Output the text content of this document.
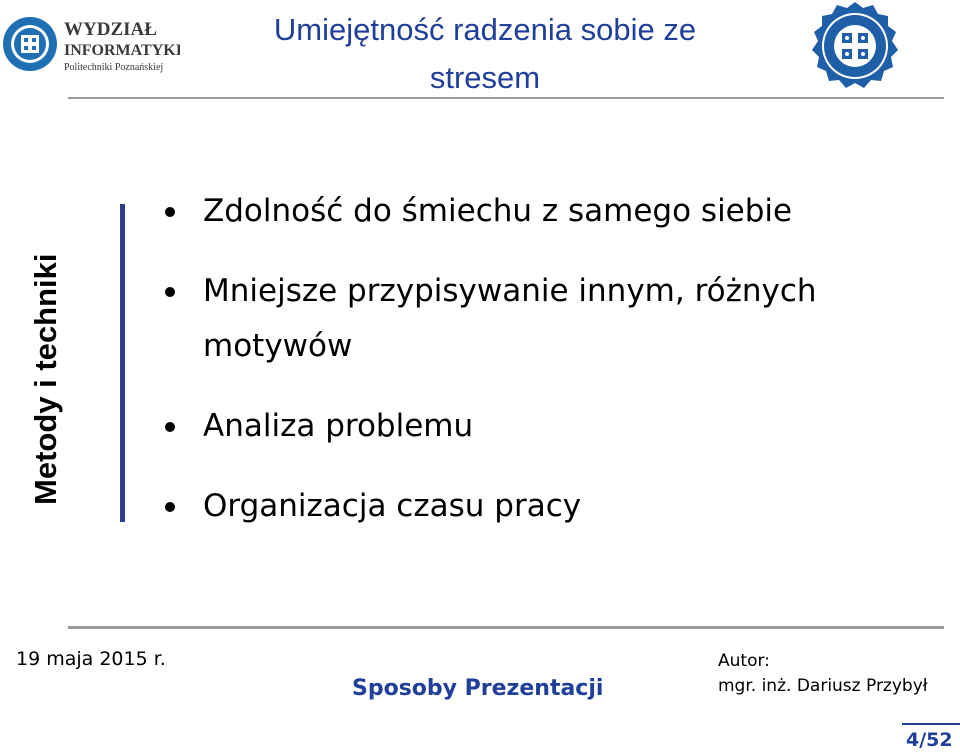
WYDZIAŁ
INFORMATYKI
Politechniki Poznańskiej
Umiejętność radzenia sobie ze stresem
Metody i techniki
Zdolność do śmiechu z samego siebie
Mniejsze przypisywanie innym, różnych motywów
Analiza problemu
Organizacja czasu pracy
19 maja 2015 r.
Sposoby Prezentacji
Autor:
mgr. inż. Dariusz Przybył
4/52
